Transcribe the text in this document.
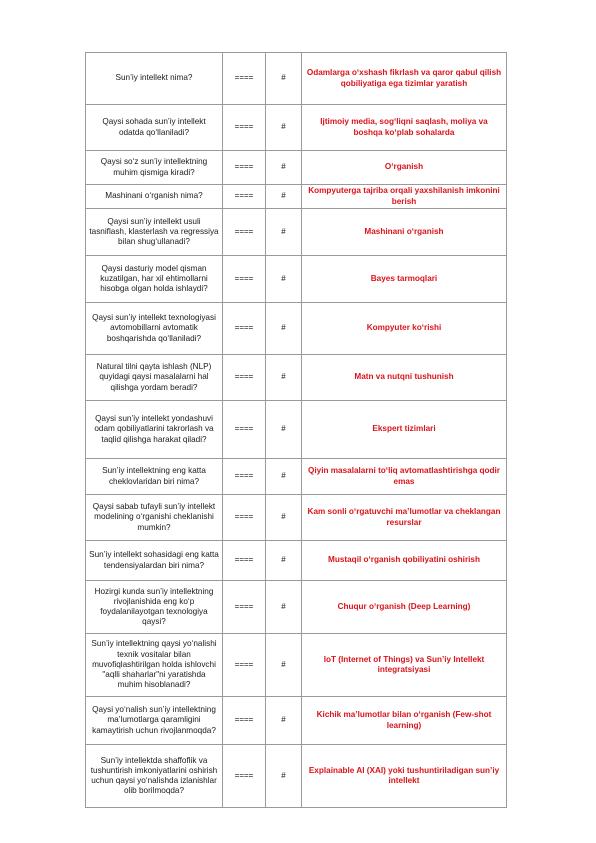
Sun’iy intellekt nima?	====	#	Odamlarga o‘xshash fikrlash va qaror qabul qilish qobiliyatiga ega tizimlar yaratish
Qaysi sohada sun’iy intellekt odatda qo‘llaniladi?	====	#	Ijtimoiy media, sog‘liqni saqlash, moliya va boshqa ko‘plab sohalarda
Qaysi so‘z sun’iy intellektning muhim qismiga kiradi?	====	#	O‘rganish
Mashinani o‘rganish nima?	====	#	Kompyuterga tajriba orqali yaxshilanish imkonini berish
Qaysi sun’iy intellekt usuli tasniflash, klasterlash va regressiya bilan shug‘ullanadi?	====	#	Mashinani o‘rganish
Qaysi dasturiy model qisman kuzatilgan, har xil ehtimollarni hisobga olgan holda ishlaydi?	====	#	Bayes tarmoqlari
Qaysi sun’iy intellekt texnologiyasi avtomobillarni avtomatik boshqarishda qo‘llaniladi?	====	#	Kompyuter ko‘rishi
Natural tilni qayta ishlash (NLP) quyidagi qaysi masalalarni hal qilishga yordam beradi?	====	#	Matn va nutqni tushunish
Qaysi sun’iy intellekt yondashuvi odam qobiliyatlarini takrorlash va taqlid qilishga harakat qiladi?	====	#	Ekspert tizimlari
Sun’iy intellektning eng katta cheklovlaridan biri nima?	====	#	Qiyin masalalarni to‘liq avtomatlashtirishga qodir emas
Qaysi sabab tufayli sun’iy intellekt modelining o‘rganishi cheklanishi mumkin?	====	#	Kam sonli o‘rgatuvchi ma’lumotlar va cheklangan resurslar
Sun’iy intellekt sohasidagi eng katta tendensiyalardan biri nima?	====	#	Mustaqil o‘rganish qobiliyatini oshirish
Hozirgi kunda sun’iy intellektning rivojlanishida eng ko‘p foydalanilayotgan texnologiya qaysi?	====	#	Chuqur o‘rganish (Deep Learning)
Sun’iy intellektning qaysi yo‘nalishi texnik vositalar bilan muvofiqlashtirilgan holda ishlovchi "aqlli shaharlar"ni yaratishda muhim hisoblanadi?	====	#	IoT (Internet of Things) va Sun’iy Intellekt integratsiyasi
Qaysi yo‘nalish sun’iy intellektning ma’lumotlarga qaramligini kamaytirish uchun rivojlanmoqda?	====	#	Kichik ma’lumotlar bilan o‘rganish (Few-shot learning)
Sun’iy intellektda shaffoflik va tushuntirish imkoniyatlarini oshirish uchun qaysi yo‘nalishda izlanishlar olib borilmoqda?	====	#	Explainable AI (XAI) yoki tushuntiriladigan sun’iy intellekt
